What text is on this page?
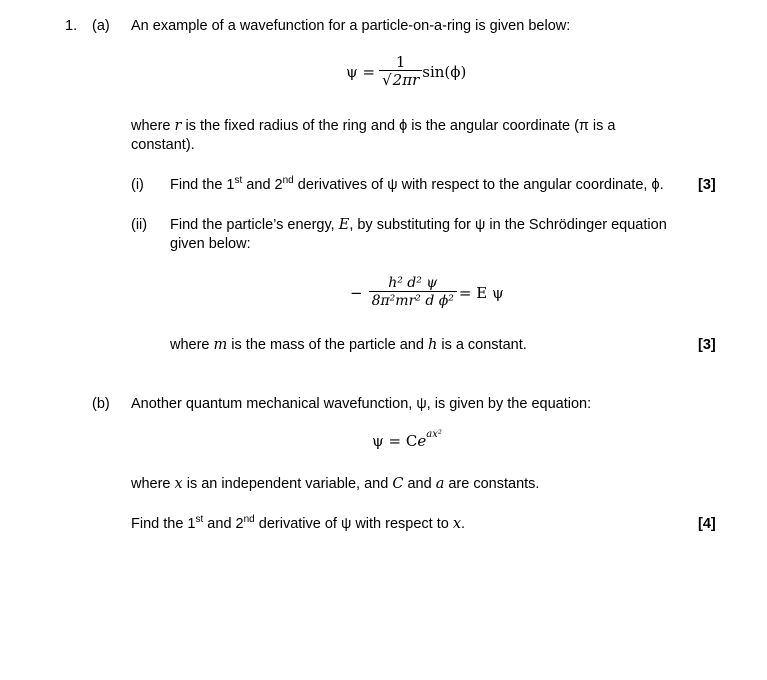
1. (a) An example of a wavefunction for a particle-on-a-ring is given below:
$\psi = \frac{1}{√2\pi r} \sin(\phi)$
where r is the fixed radius of the ring and ϕ is the angular coordinate (π is a
constant).
(i) Find the 1st and 2nd derivatives of ψ with respect to the angular coordinate, ϕ. [3]
(ii) Find the particle’s energy, E, by substituting for ψ in the Schrödinger equation
given below:
− $\frac{\text{h² d² ψ}}{\text{8π²mr² d ϕ²}} = E$ ψ
where m is the mass of the particle and h is a constant.	[3]
(b) Another quantum mechanical wavefunction, ψ, is given by the equation:
ψ = C $e^{ax^2}$
where x is an independent variable, and C and a are constants.
Find the 1st and 2nd derivative of ψ with respect to x.	[4]
